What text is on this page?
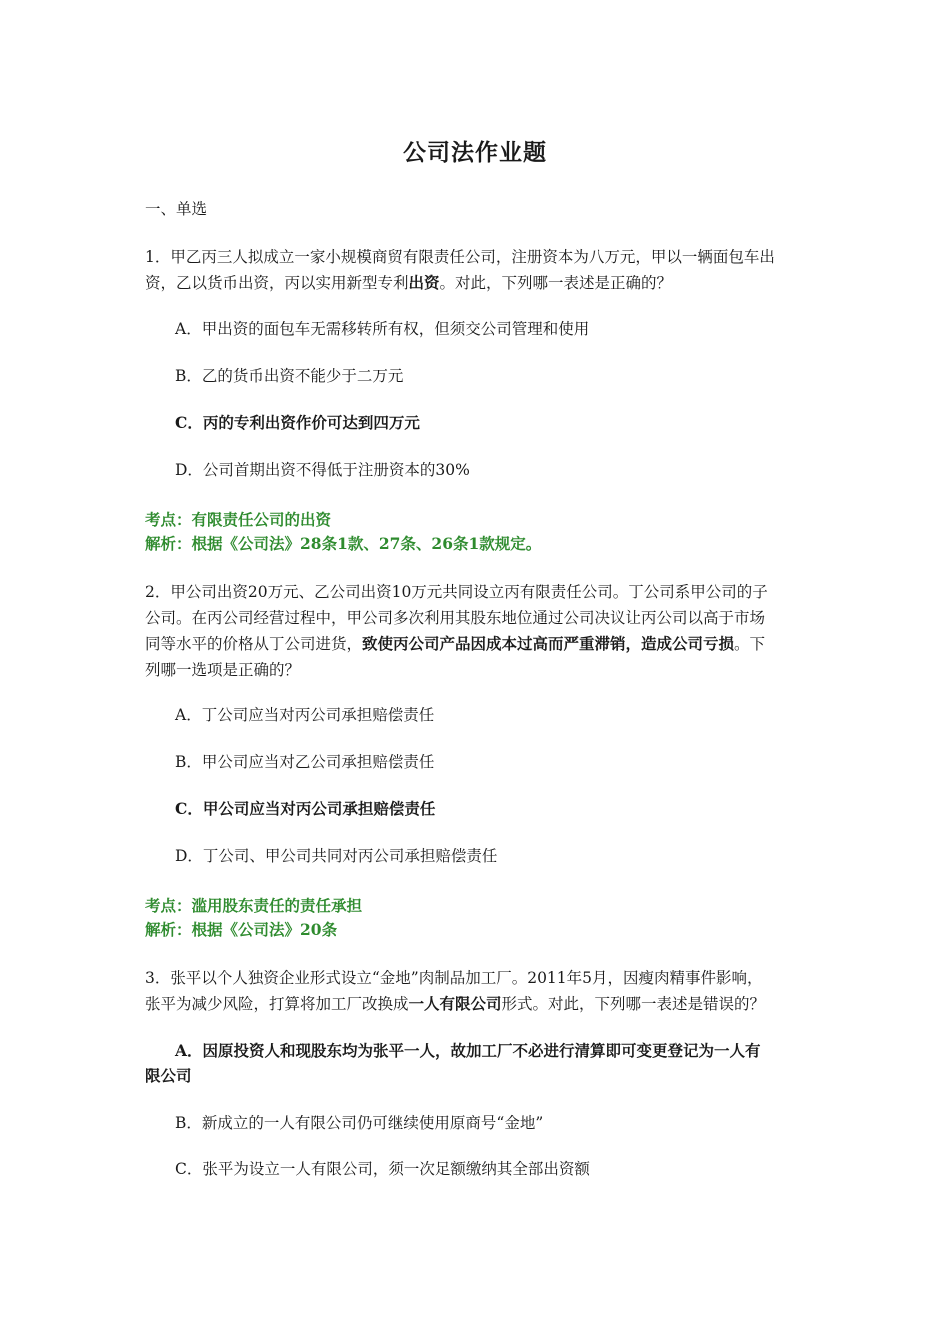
公司法作业题
一、单选
1．甲乙丙三人拟成立一家小规模商贸有限责任公司，注册资本为八万元，甲以一辆面包车出
资，乙以货币出资，丙以实用新型专利出资。对此，下列哪一表述是正确的？
A．甲出资的面包车无需移转所有权，但须交公司管理和使用
B．乙的货币出资不能少于二万元
C．丙的专利出资作价可达到四万元
D．公司首期出资不得低于注册资本的30%
考点：有限责任公司的出资
解析：根据《公司法》28条1款、27条、26条1款规定。
2．甲公司出资20万元、乙公司出资10万元共同设立丙有限责任公司。丁公司系甲公司的子
公司。在丙公司经营过程中，甲公司多次利用其股东地位通过公司决议让丙公司以高于市场
同等水平的价格从丁公司进货，致使丙公司产品因成本过高而严重滞销，造成公司亏损。下
列哪一选项是正确的？
A．丁公司应当对丙公司承担赔偿责任
B．甲公司应当对乙公司承担赔偿责任
C．甲公司应当对丙公司承担赔偿责任
D．丁公司、甲公司共同对丙公司承担赔偿责任
考点：滥用股东责任的责任承担
解析：根据《公司法》20条
3．张平以个人独资企业形式设立“金地”肉制品加工厂。2011年5月，因瘦肉精事件影响，
张平为减少风险，打算将加工厂改换成一人有限公司形式。对此，下列哪一表述是错误的？
A．因原投资人和现股东均为张平一人，故加工厂不必进行清算即可变更登记为一人有
限公司
B．新成立的一人有限公司仍可继续使用原商号“金地”
C．张平为设立一人有限公司，须一次足额缴纳其全部出资额
